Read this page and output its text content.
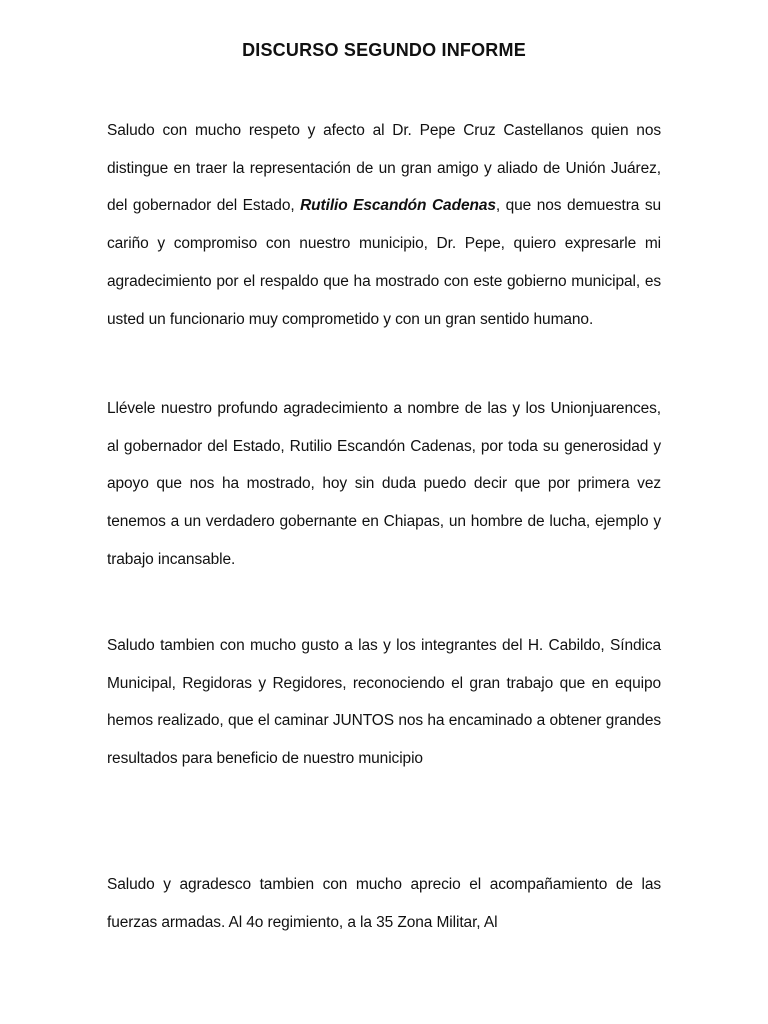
DISCURSO SEGUNDO INFORME

Saludo con mucho respeto y afecto al Dr. Pepe Cruz Castellanos quien nos distingue en traer la representación de un gran amigo y aliado de Unión Juárez, del gobernador del Estado, Rutilio Escandón Cadenas, que nos demuestra su cariño y compromiso con nuestro municipio, Dr. Pepe, quiero expresarle mi agradecimiento por el respaldo que ha mostrado con este gobierno municipal, es usted un funcionario muy comprometido y con un gran sentido humano.

Llévele nuestro profundo agradecimiento a nombre de las y los Unionjuarences, al gobernador del Estado, Rutilio Escandón Cadenas, por toda su generosidad y apoyo que nos ha mostrado, hoy sin duda puedo decir que por primera vez tenemos a un verdadero gobernante en Chiapas, un hombre de lucha, ejemplo y trabajo incansable.

Saludo tambien con mucho gusto a las y los integrantes del H. Cabildo, Síndica Municipal, Regidoras y Regidores, reconociendo el gran trabajo que en equipo hemos realizado, que el caminar JUNTOS nos ha encaminado a obtener grandes resultados para beneficio de nuestro municipio

Saludo y agradesco tambien con mucho aprecio el acompañamiento de las fuerzas armadas. Al 4o regimiento, a la 35 Zona Militar, Al
